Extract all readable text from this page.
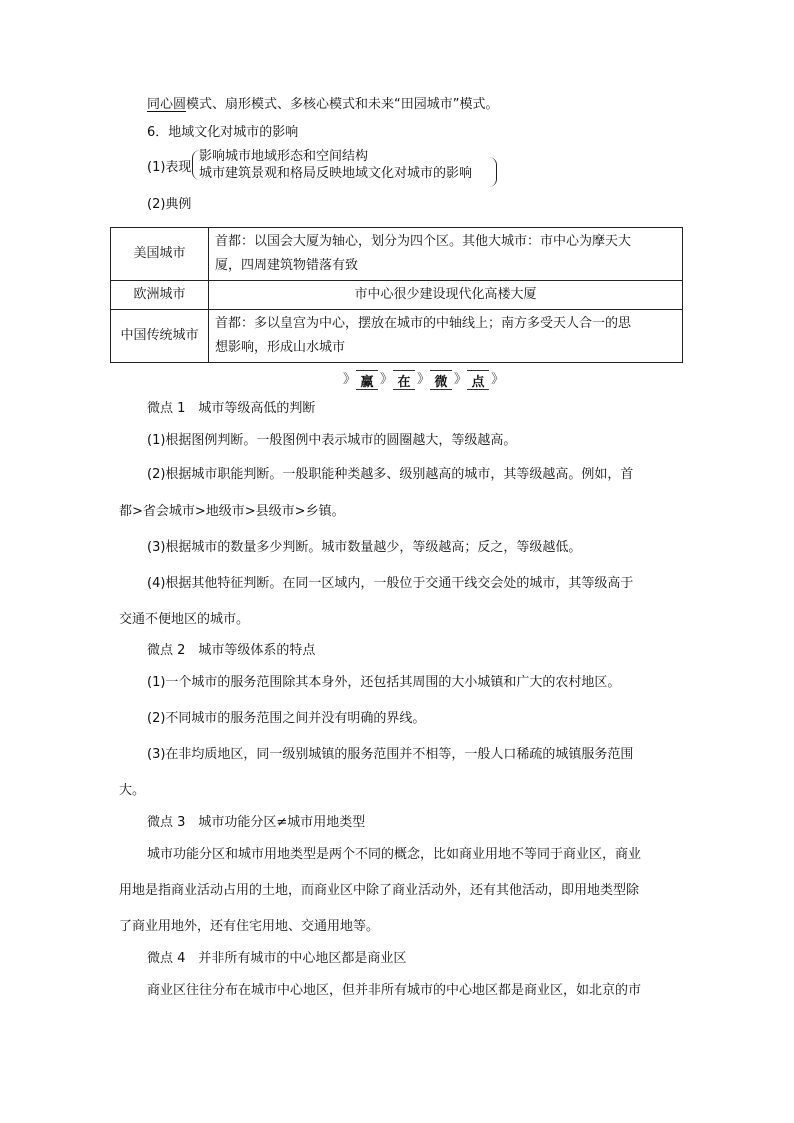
同心圆模式、扇形模式、多核心模式和未来“田园城市”模式。
6．地域文化对城市的影响
(1)表现
影响城市地域形态和空间结构
城市建筑景观和格局反映地域文化对城市的影响
(2)典例
美国城市	首都：以国会大厦为轴心，划分为四个区。其他大城市：市中心为摩天大
厦，四周建筑物错落有致

欧洲城市	市中心很少建设现代化高楼大厦
中国传统城市	首都：多以皇宫为中心，摆放在城市的中轴线上；南方多受天人合一的思
想影响，形成山水城市
》 赢 》 在 》 微 》 点 》
微点 1　城市等级高低的判断
(1)根据图例判断。一般图例中表示城市的圆圈越大，等级越高。
(2)根据城市职能判断。一般职能种类越多、级别越高的城市，其等级越高。例如，首
都>省会城市>地级市>县级市>乡镇。
(3)根据城市的数量多少判断。城市数量越少，等级越高；反之，等级越低。
(4)根据其他特征判断。在同一区域内，一般位于交通干线交会处的城市，其等级高于
交通不便地区的城市。
微点 2　城市等级体系的特点
(1)一个城市的服务范围除其本身外，还包括其周围的大小城镇和广大的农村地区。
(2)不同城市的服务范围之间并没有明确的界线。
(3)在非均质地区，同一级别城镇的服务范围并不相等，一般人口稀疏的城镇服务范围
大。
微点 3　城市功能分区≠城市用地类型
城市功能分区和城市用地类型是两个不同的概念，比如商业用地不等同于商业区，商业
用地是指商业活动占用的土地，而商业区中除了商业活动外，还有其他活动，即用地类型除
了商业用地外，还有住宅用地、交通用地等。
微点 4　并非所有城市的中心地区都是商业区
商业区往往分布在城市中心地区，但并非所有城市的中心地区都是商业区，如北京的市
